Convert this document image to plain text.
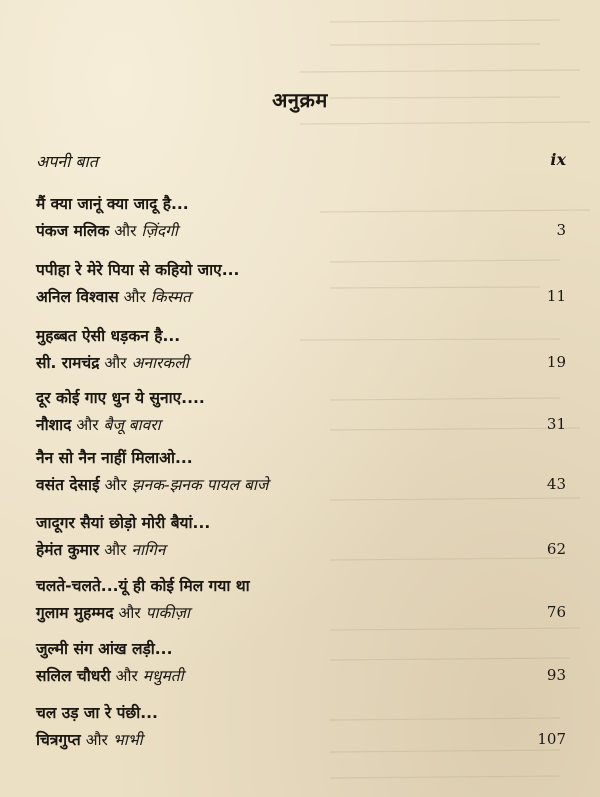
अनुक्रम
अपनी बात	ix
मैं क्या जानूं क्या जादू है...
पंकज मलिक और ज़िंदगी	3
पपीहा रे मेरे पिया से कहियो जाए...
अनिल विश्वास और किस्मत	11
मुहब्बत ऐसी धड़कन है...
सी. रामचंद्र और अनारकली	19
दूर कोई गाए धुन ये सुनाए....
नौशाद और बैजू बावरा	31
नैन सो नैन नाहीं मिलाओ...
वसंत देसाई और झनक-झनक पायल बाजे	43
जादूगर सैयां छोड़ो मोरी बैयां...
हेमंत कुमार और नागिन	62
चलते-चलते...यूं ही कोई मिल गया था
गुलाम मुहम्मद और पाकीज़ा	76
जुल्मी संग आंख लड़ी...
सलिल चौधरी और मधुमती	93
चल उड़ जा रे पंछी...
चित्रगुप्त और भाभी	107
